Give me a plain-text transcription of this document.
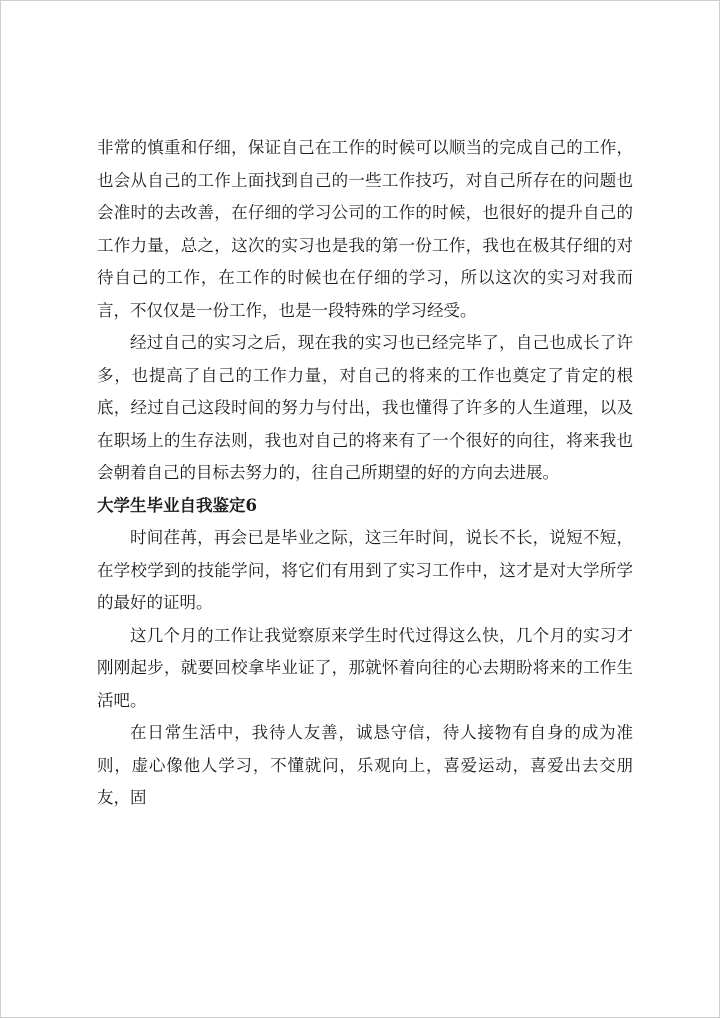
非常的慎重和仔细，保证自己在工作的时候可以顺当的完成自己的工作，也会从自己的工作上面找到自己的一些工作技巧，对自己所存在的问题也会准时的去改善，在仔细的学习公司的工作的时候，也很好的提升自己的工作力量，总之，这次的实习也是我的第一份工作，我也在极其仔细的对待自己的工作，在工作的时候也在仔细的学习，所以这次的实习对我而言，不仅仅是一份工作，也是一段特殊的学习经受。

经过自己的实习之后，现在我的实习也已经完毕了，自己也成长了许多，也提高了自己的工作力量，对自己的将来的工作也奠定了肯定的根底，经过自己这段时间的努力与付出，我也懂得了许多的人生道理，以及在职场上的生存法则，我也对自己的将来有了一个很好的向往，将来我也会朝着自己的目标去努力的，往自己所期望的好的方向去进展。

大学生毕业自我鉴定6

时间荏苒，再会已是毕业之际，这三年时间，说长不长，说短不短，在学校学到的技能学问，将它们有用到了实习工作中，这才是对大学所学的最好的证明。

这几个月的工作让我觉察原来学生时代过得这么快，几个月的实习才刚刚起步，就要回校拿毕业证了，那就怀着向往的心去期盼将来的工作生活吧。

在日常生活中，我待人友善，诚恳守信，待人接物有自身的成为准则，虚心像他人学习，不懂就问，乐观向上，喜爱运动，喜爱出去交朋友，固
